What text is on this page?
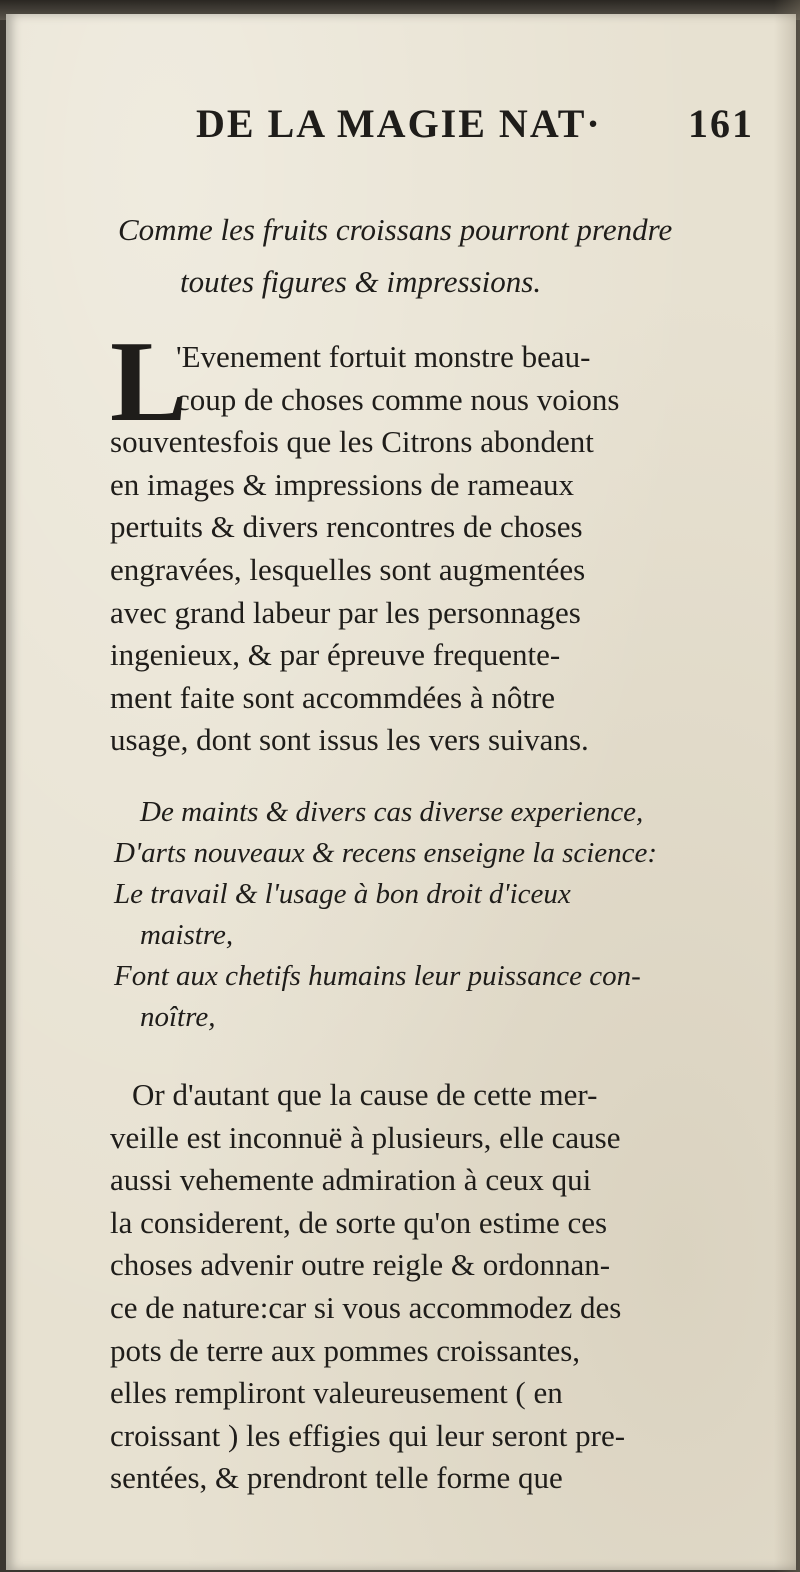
DE LA MAGIE NAT· 161
Comme les fruits croissans pourront prendre
toutes figures & impressions.
L
'Evenement fortuit monstre beau-
coup de choses comme nous voions
souventesfois que les Citrons abondent
en images & impressions de rameaux
pertuits & divers rencontres de choses
engravées, lesquelles sont augmentées
avec grand labeur par les personnages
ingenieux, & par épreuve frequente-
ment faite sont accommdées à nôtre
usage, dont sont issus les vers suivans.
De maints & divers cas diverse experience,
D'arts nouveaux & recens enseigne la science:
Le travail & l'usage à bon droit d'iceux
maistre,
Font aux chetifs humains leur puissance con-
noître,
Or d'autant que la cause de cette mer-
veille est inconnuë à plusieurs, elle cause
aussi vehemente admiration à ceux qui
la considerent, de sorte qu'on estime ces
choses advenir outre reigle & ordonnan-
ce de nature:car si vous accommodez des
pots de terre aux pommes croissantes,
elles rempliront valeureusement ( en
croissant ) les effigies qui leur seront pre-
sentées, & prendront telle forme que
